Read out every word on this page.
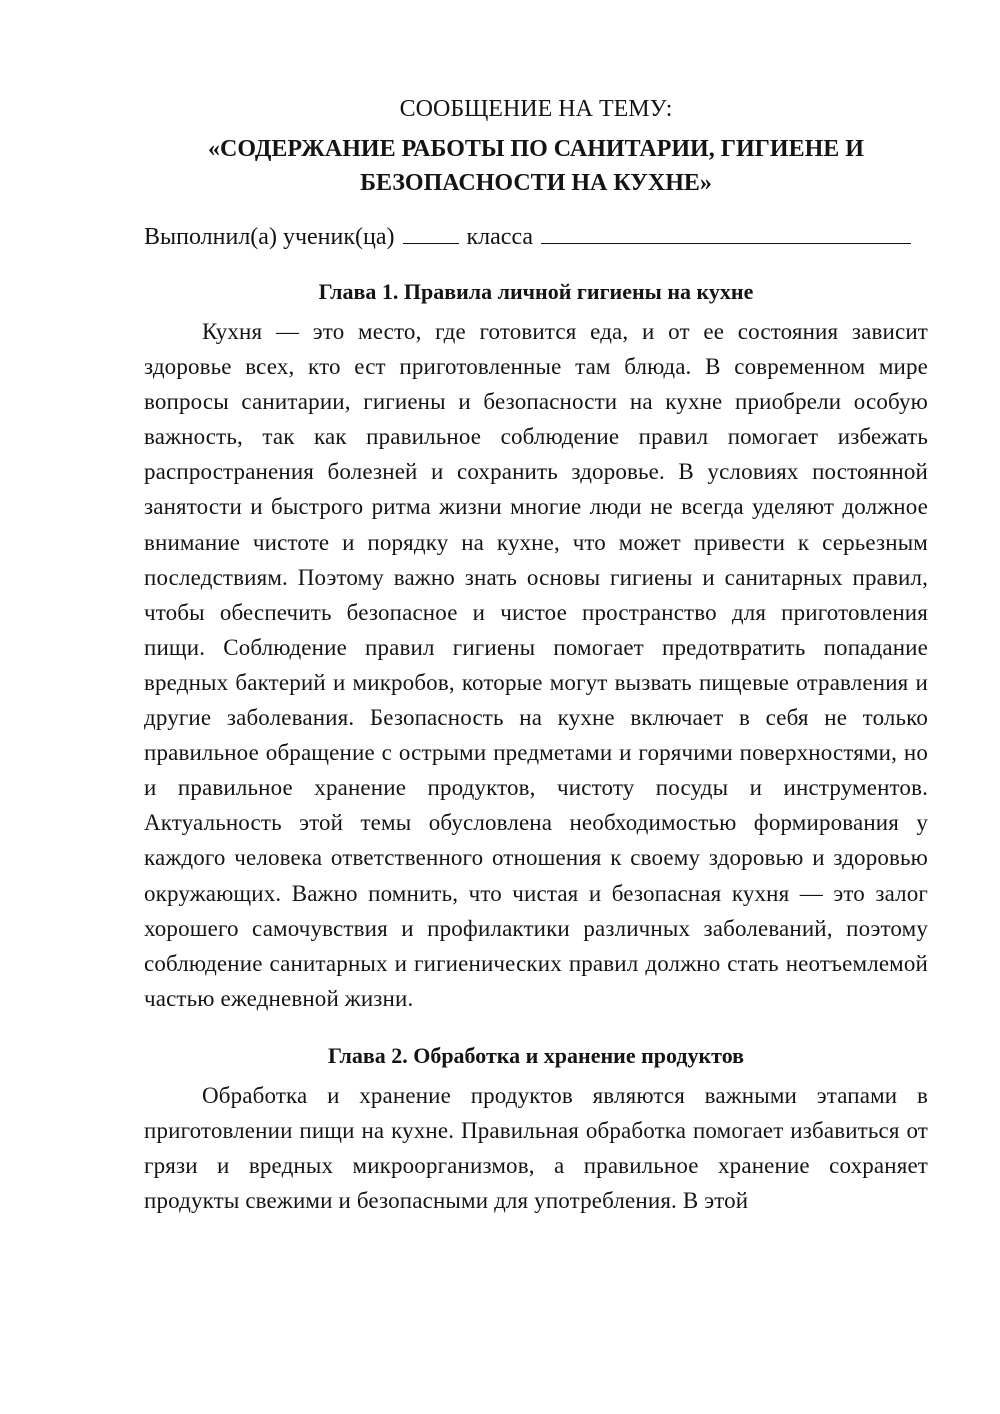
СООБЩЕНИЕ НА ТЕМУ:

«СОДЕРЖАНИЕ РАБОТЫ ПО САНИТАРИИ, ГИГИЕНЕ И

БЕЗОПАСНОСТИ НА КУХНЕ»

Выполнил(а) ученик(ца)	класса
Глава 1. Правила личной гигиены на кухне

Кухня — это место, где готовится еда, и от ее состояния зависит здоровье всех, кто ест приготовленные там блюда. В современном мире вопросы санитарии, гигиены и безопасности на кухне приобрели особую важность, так как правильное соблюдение правил помогает избежать распространения болезней и сохранить здоровье. В условиях постоянной занятости и быстрого ритма жизни многие люди не всегда уделяют должное внимание чистоте и порядку на кухне, что может привести к серьезным последствиям. Поэтому важно знать основы гигиены и санитарных правил, чтобы обеспечить безопасное и чистое пространство для приготовления пищи. Соблюдение правил гигиены помогает предотвратить попадание вредных бактерий и микробов, которые могут вызвать пищевые отравления и другие заболевания. Безопасность на кухне включает в себя не только правильное обращение с острыми предметами и горячими поверхностями, но и правильное хранение продуктов, чистоту посуды и инструментов. Актуальность этой темы обусловлена необходимостью формирования у каждого человека ответственного отношения к своему здоровью и здоровью окружающих. Важно помнить, что чистая и безопасная кухня — это залог хорошего самочувствия и профилактики различных заболеваний, поэтому соблюдение санитарных и гигиенических правил должно стать неотъемлемой частью ежедневной жизни.

Глава 2. Обработка и хранение продуктов

Обработка и хранение продуктов являются важными этапами в приготовлении пищи на кухне. Правильная обработка помогает избавиться от грязи и вредных микроорганизмов, а правильное хранение сохраняет продукты свежими и безопасными для употребления. В этой
